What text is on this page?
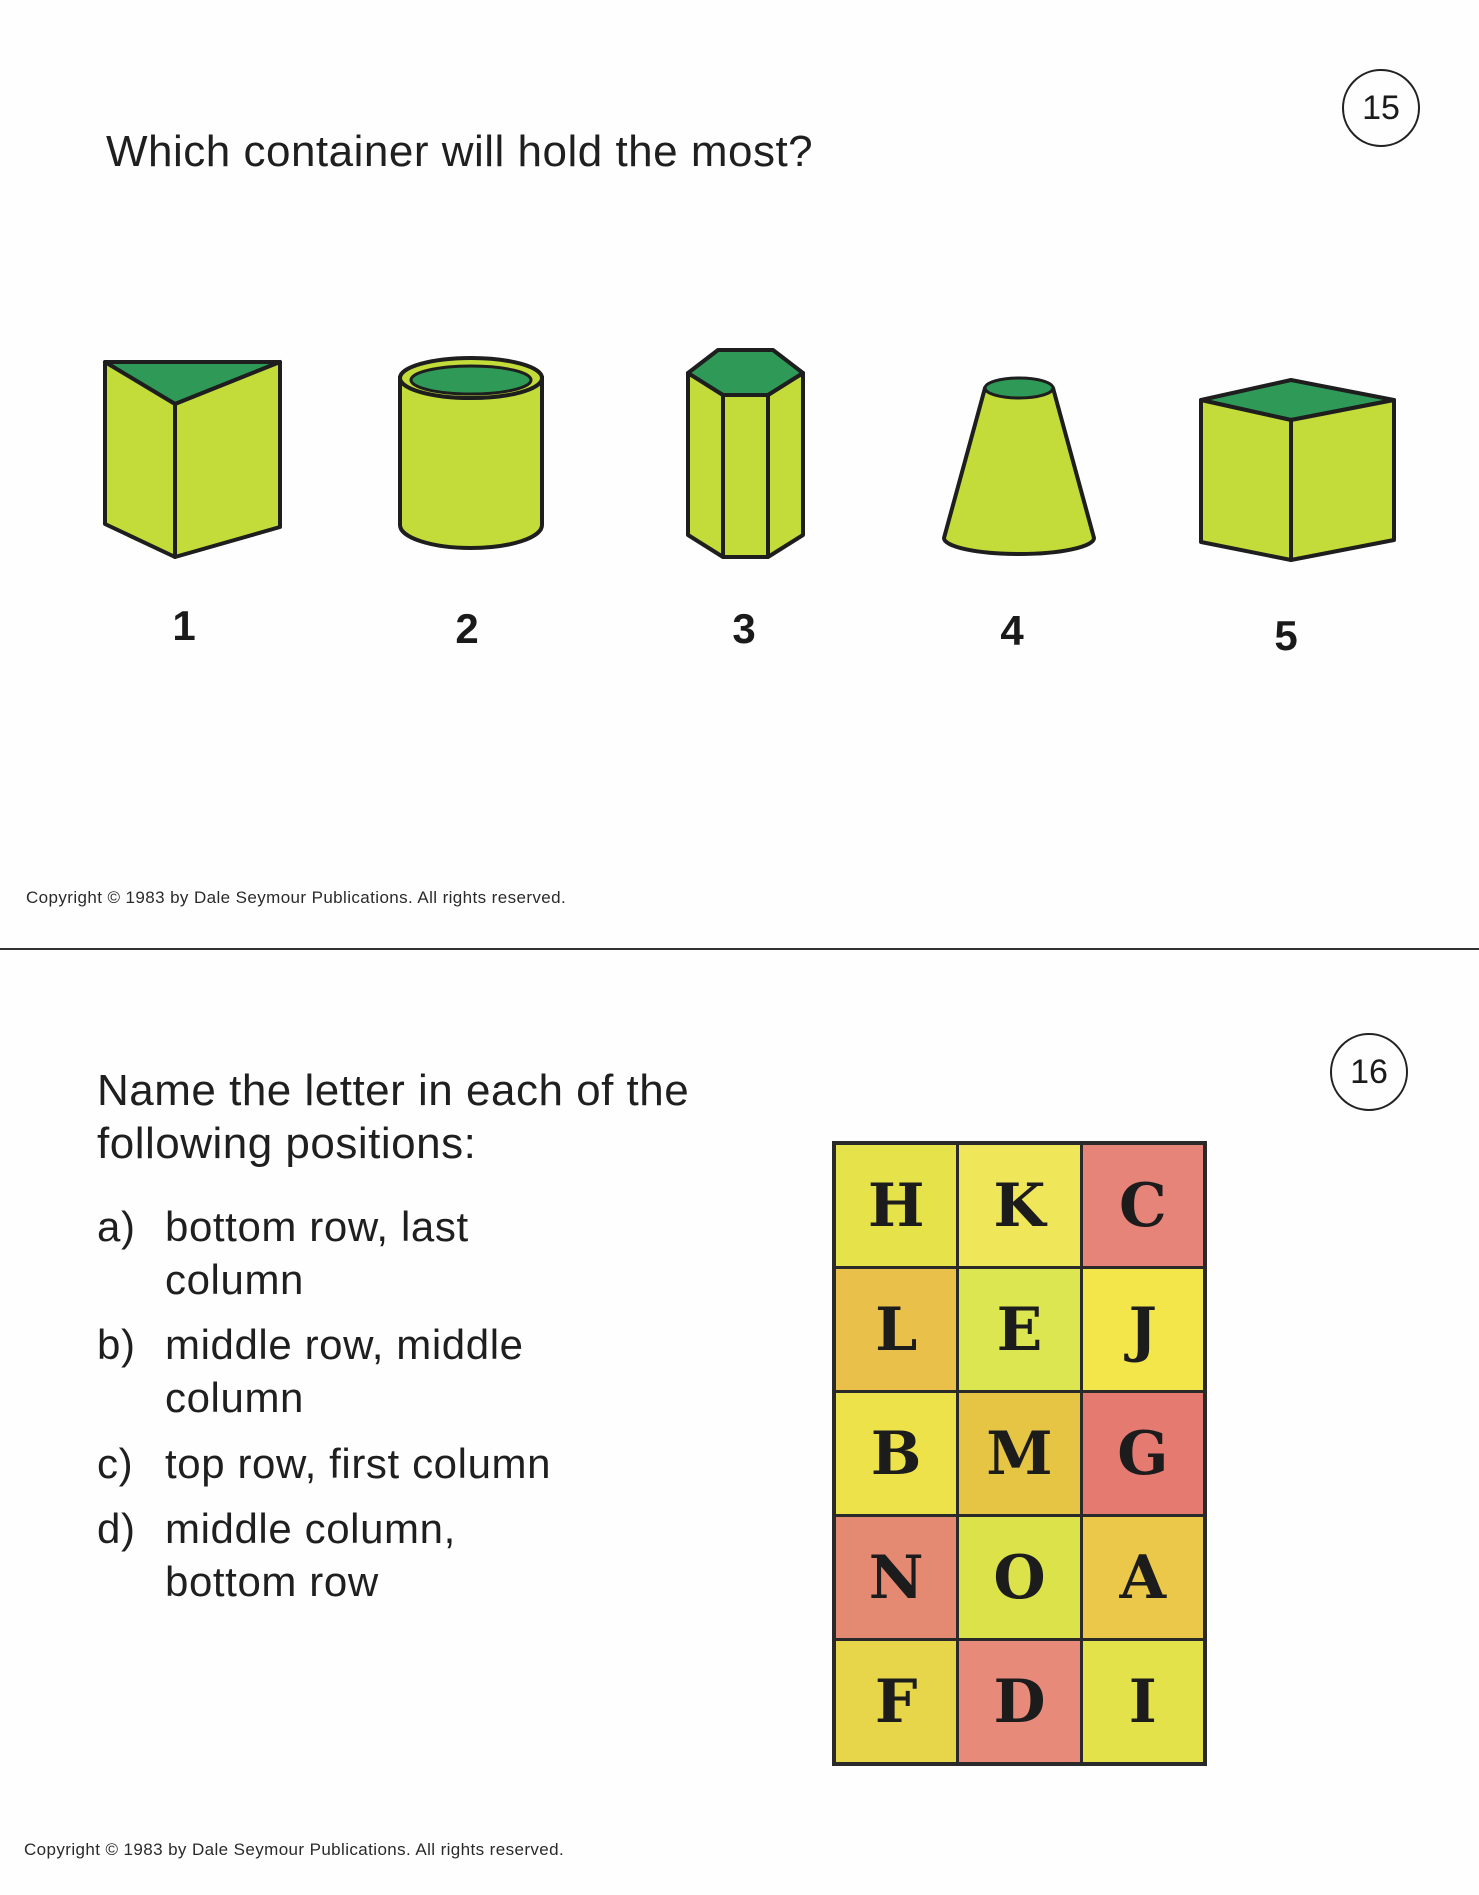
15
Which container will hold the most?
1	2	3	4	5
Copyright © 1983 by Dale Seymour Publications. All rights reserved.
16
Name the letter in each of the following positions:
a) bottom row, last column
b) middle row, middle column
c) top row, first column
d) middle column, bottom row
Copyright © 1983 by Dale Seymour Publications. All rights reserved.
H	K	C
L	E	J
B	M	G
N	O	A
F	D	I
